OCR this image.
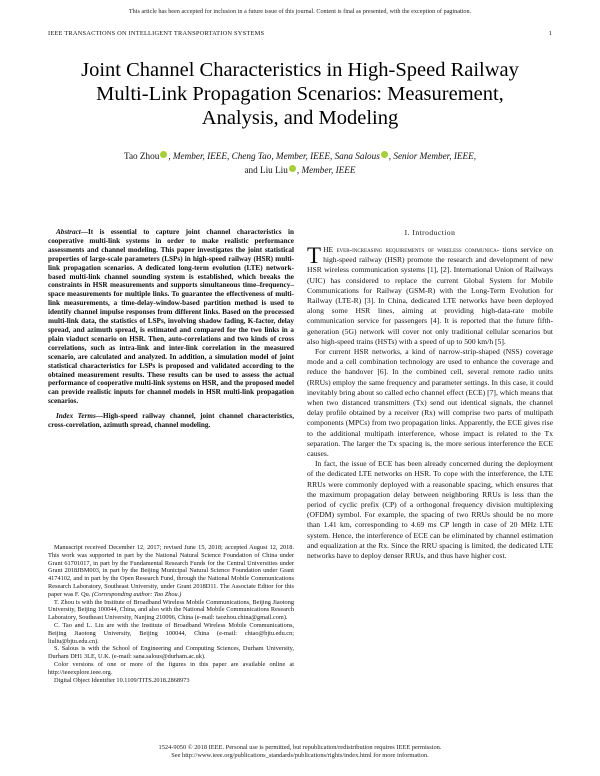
This article has been accepted for inclusion in a future issue of this journal. Content is final as presented, with the exception of pagination.
IEEE TRANSACTIONS ON INTELLIGENT TRANSPORTATION SYSTEMS	1
Joint Channel Characteristics in High-Speed Railway Multi-Link Propagation Scenarios: Measurement, Analysis, and Modeling
Tao Zhou , Member, IEEE, Cheng Tao, Member, IEEE, Sana Salous , Senior Member, IEEE,
and Liu Liu , Member, IEEE

Abstract—It is essential to capture joint channel characteristics in cooperative multi-link systems in order to make realistic performance assessments and channel modeling. This paper investigates the joint statistical properties of large-scale parameters (LSPs) in high-speed railway (HSR) multi-link propagation scenarios. A dedicated long-term evolution (LTE) network-based multi-link channel sounding system is established, which breaks the constraints in HSR measurements and supports simultaneous time–frequency–space measurements for multiple links. To guarantee the effectiveness of multi-link measurements, a time-delay-window-based partition method is used to identify channel impulse responses from different links. Based on the processed multi-link data, the statistics of LSPs, involving shadow fading, K-factor, delay spread, and azimuth spread, is estimated and compared for the two links in a plain viaduct scenario on HSR. Then, auto-correlations and two kinds of cross correlations, such as intra-link and inter-link correlation in the measured scenario, are calculated and analyzed. In addition, a simulation model of joint statistical characteristics for LSPs is proposed and validated according to the obtained measurement results. These results can be used to assess the actual performance of cooperative multi-link systems on HSR, and the proposed model can provide realistic inputs for channel models in HSR multi-link propagation scenarios.

Index Terms—High-speed railway channel, joint channel characteristics, cross-correlation, azimuth spread, channel modeling.

Manuscript received December 12, 2017; revised June 15, 2018; accepted August 12, 2018. This work was supported in part by the National Natural Science Foundation of China under Grant 61701017, in part by the Fundamental Research Funds for the Central Universities under Grant 2018JBM003, in part by the Beijing Municipal Natural Science Foundation under Grant 4174102, and in part by the Open Research Fund, through the National Mobile Communications Research Laboratory, Southeast University, under Grant 2018D11. The Associate Editor for this paper was F. Qu. (Corresponding author: Tao Zhou.)

T. Zhou is with the Institute of Broadband Wireless Mobile Communications, Beijing Jiaotong University, Beijing 100044, China, and also with the National Mobile Communications Research Laboratory, Southeast University, Nanjing 210096, China (e-mail: taozhou.china@gmail.com).

C. Tao and L. Liu are with the Institute of Broadband Wireless Mobile Communications, Beijing Jiaotong University, Beijing 100044, China (e-mail: chtao@bjtu.edu.cn; liuliu@bjtu.edu.cn).

S. Salous is with the School of Engineering and Computing Sciences, Durham University, Durham DH1 3LE, U.K. (e-mail: sana.salous@durham.ac.uk).

Color versions of one or more of the figures in this paper are available online at http://ieeexplore.ieee.org.

Digital Object Identifier 10.1109/TITS.2018.2868973

I. Introduction

THE ever-increasing requirements of wireless communica- tions service on high-speed railway (HSR) promote the research and development of new HSR wireless communication systems [1], [2]. International Union of Railways (UIC) has considered to replace the current Global System for Mobile Communications for Railway (GSM-R) with the Long-Term Evolution for Railway (LTE-R) [3]. In China, dedicated LTE networks have been deployed along some HSR lines, aiming at providing high-data-rate mobile communication service for passengers [4]. It is reported that the future fifth-generation (5G) network will cover not only traditional cellular scenarios but also high-speed trains (HSTs) with a speed of up to 500 km/h [5].

For current HSR networks, a kind of narrow-strip-shaped (NSS) coverage mode and a cell combination technology are used to enhance the coverage and reduce the handover [6]. In the combined cell, several remote radio units (RRUs) employ the same frequency and parameter settings. In this case, it could inevitably bring about so called echo channel effect (ECE) [7], which means that when two distanced transmitters (Tx) send out identical signals, the channel delay profile obtained by a receiver (Rx) will comprise two parts of multipath components (MPCs) from two propagation links. Apparently, the ECE gives rise to the additional multipath interference, whose impact is related to the Tx separation. The larger the Tx spacing is, the more serious interference the ECE causes.

In fact, the issue of ECE has been already concerned during the deployment of the dedicated LTE networks on HSR. To cope with the interference, the LTE RRUs were commonly deployed with a reasonable spacing, which ensures that the maximum propagation delay between neighboring RRUs is less than the period of cyclic prefix (CP) of a orthogonal frequency division multiplexing (OFDM) symbol. For example, the spacing of two RRUs should be no more than 1.41 km, corresponding to 4.69 ms CP length in case of 20 MHz LTE system. Hence, the interference of ECE can be eliminated by channel estimation and equalization at the Rx. Since the RRU spacing is limited, the dedicated LTE networks have to deploy denser RRUs, and thus have higher cost.

1524-9050 © 2018 IEEE. Personal use is permitted, but republication/redistribution requires IEEE permission.
See http://www.ieee.org/publications_standards/publications/rights/index.html for more information.
